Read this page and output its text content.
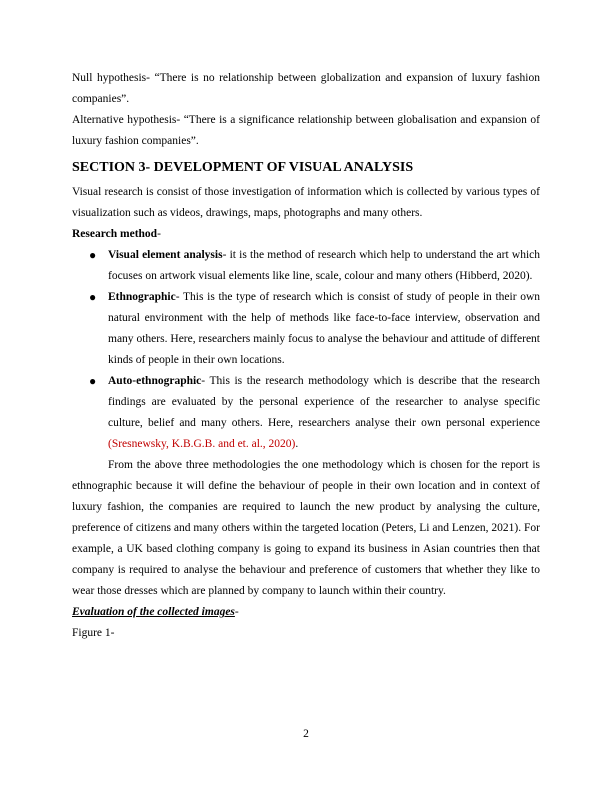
Null hypothesis- “There is no relationship between globalization and expansion of luxury fashion companies”.

Alternative hypothesis- “There is a significance relationship between globalisation and expansion of luxury fashion companies”.

SECTION 3- DEVELOPMENT OF VISUAL ANALYSIS

Visual research is consist of those investigation of information which is collected by various types of visualization such as videos, drawings, maps, photographs and many others.

Research method-

● Visual element analysis- it is the method of research which help to understand the art which focuses on artwork visual elements like line, scale, colour and many others (Hibberd, 2020).
● Ethnographic- This is the type of research which is consist of study of people in their own natural environment with the help of methods like face-to-face interview, observation and many others. Here, researchers mainly focus to analyse the behaviour and attitude of different kinds of people in their own locations.
● Auto-ethnographic- This is the research methodology which is describe that the research findings are evaluated by the personal experience of the researcher to analyse specific culture, belief and many others. Here, researchers analyse their own personal experience (Sresnewsky, K.B.G.B. and et. al., 2020).

From the above three methodologies the one methodology which is chosen for the report is ethnographic because it will define the behaviour of people in their own location and in context of luxury fashion, the companies are required to launch the new product by analysing the culture, preference of citizens and many others within the targeted location (Peters, Li and Lenzen, 2021). For example, a UK based clothing company is going to expand its business in Asian countries then that company is required to analyse the behaviour and preference of customers that whether they like to wear those dresses which are planned by company to launch within their country.

Evaluation of the collected images-

Figure 1-

2
